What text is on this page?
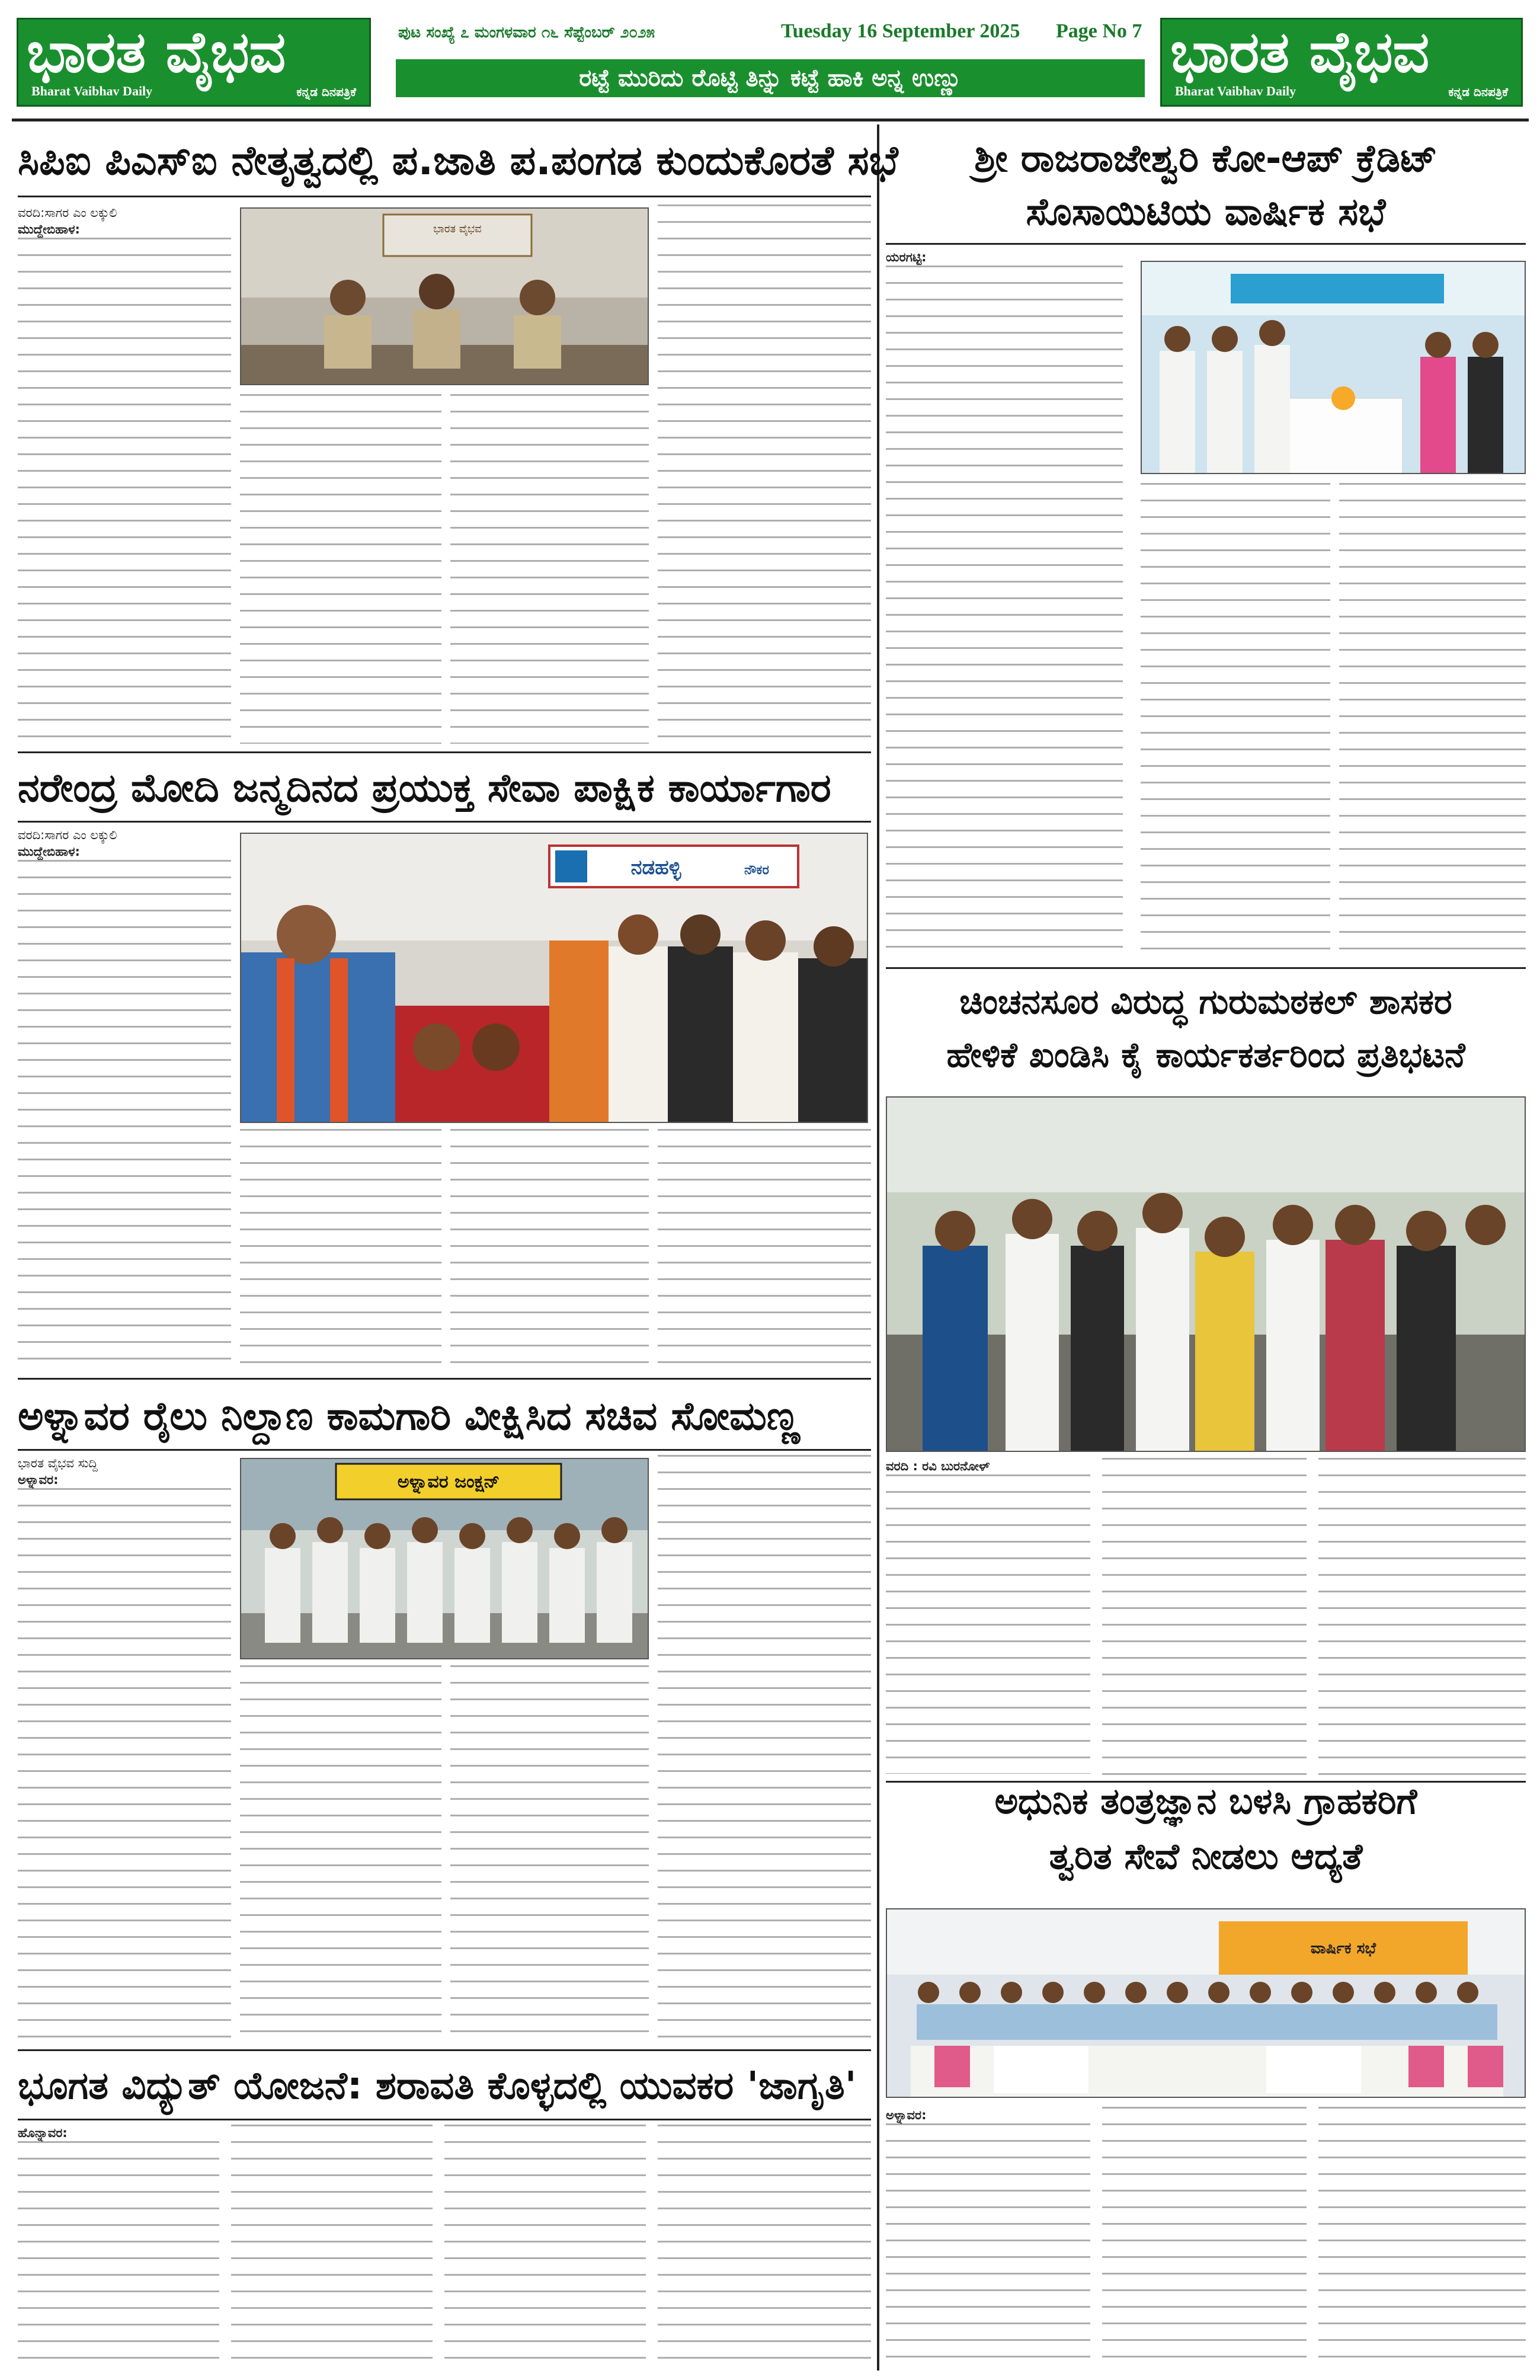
ಭಾರತ ವೈಭವ
Bharat Vaibhav Daily	ಕನ್ನಡ ದಿನಪತ್ರಿಕೆ
ಭಾರತ ವೈಭವ
Bharat Vaibhav Daily	ಕನ್ನಡ ದಿನಪತ್ರಿಕೆ
ಪುಟ ಸಂಖ್ಯೆ ೭ ಮಂಗಳವಾರ ೧೬ ಸೆಪ್ಟೆಂಬರ್ ೨೦೨೫	Tuesday 16 September 2025 Page No 7
ರಟ್ಟೆ ಮುರಿದು ರೊಟ್ಟಿ ತಿನ್ನು ಕಟ್ಟೆ ಹಾಕಿ ಅನ್ನ ಉಣ್ಣು
ಸಿಪಿಐ ಪಿಎಸ್‌ಐ ನೇತೃತ್ವದಲ್ಲಿ ಪ.ಜಾತಿ ಪ.ಪಂಗಡ ಕುಂದುಕೊರತೆ ಸಭೆ

ವರದಿ:ಸಾಗರ ಎಂ ಲಕ್ಕುಲಿ

ಮುದ್ದೇಬಿಹಾಳ:	ಭಾರತ ವೈಭವ
ನರೇಂದ್ರ ಮೋದಿ ಜನ್ಮದಿನದ ಪ್ರಯುಕ್ತ ಸೇವಾ ಪಾಕ್ಷಿಕ ಕಾರ್ಯಾಗಾರ

ವರದಿ:ಸಾಗರ ಎಂ ಲಕ್ಕುಲಿ

ಮುದ್ದೇಬಿಹಾಳ:

ನಡಹಳ್ಳಿ	ನೌಕರ
ಅಳ್ನಾವರ ರೈಲು ನಿಲ್ದಾಣ ಕಾಮಗಾರಿ ವೀಕ್ಷಿಸಿದ ಸಚಿವ ಸೋಮಣ್ಣ

ಭಾರತ ವೈಭವ ಸುದ್ದಿ

ಅಳ್ನಾವರ:	ಅಳ್ನಾವರ ಜಂಕ್ಷನ್
ಭೂಗತ ವಿದ್ಯುತ್ ಯೋಜನೆ: ಶರಾವತಿ ಕೊಳ್ಳದಲ್ಲಿ ಯುವಕರ 'ಜಾಗೃತಿ'

ಹೊನ್ನಾವರ:

ಶ್ರೀ ರಾಜರಾಜೇಶ್ವರಿ ಕೋ-ಆಪ್ ಕ್ರೆಡಿಟ್
ಸೊಸಾಯಿಟಿಯ ವಾರ್ಷಿಕ ಸಭೆ

ಯರಗಟ್ಟಿ:

ಚಿಂಚನಸೂರ ವಿರುದ್ಧ ಗುರುಮಠಕಲ್ ಶಾಸಕರ
ಹೇಳಿಕೆ ಖಂಡಿಸಿ ಕೈ ಕಾರ್ಯಕರ್ತರಿಂದ ಪ್ರತಿಭಟನೆ

ವರದಿ : ರವಿ ಬುರನೋಳ್

ಅಧುನಿಕ ತಂತ್ರಜ್ಞಾನ ಬಳಸಿ ಗ್ರಾಹಕರಿಗೆ
ತ್ವರಿತ ಸೇವೆ ನೀಡಲು ಆದ್ಯತೆ
ವಾರ್ಷಿಕ ಸಭೆ

ಅಳ್ನಾವರ:
